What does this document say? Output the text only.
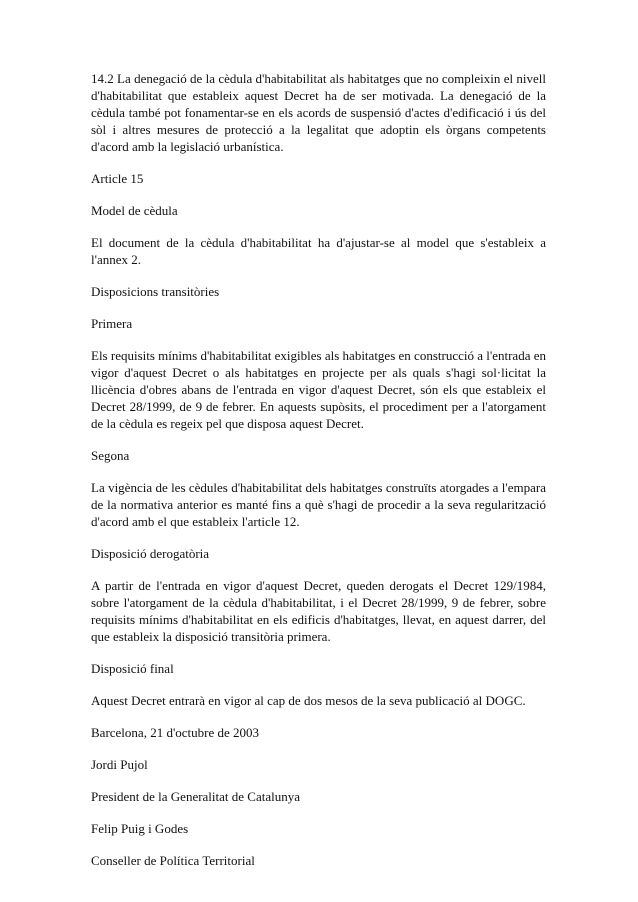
14.2 La denegació de la cèdula d'habitabilitat als habitatges que no compleixin el nivell d'habitabilitat que estableix aquest Decret ha de ser motivada. La denegació de la cèdula també pot fonamentar-se en els acords de suspensió d'actes d'edificació i ús del sòl i altres mesures de protecció a la legalitat que adoptin els òrgans competents d'acord amb la legislació urbanística.

Article 15

Model de cèdula

El document de la cèdula d'habitabilitat ha d'ajustar-se al model que s'estableix a l'annex 2.

Disposicions transitòries

Primera

Els requisits mínims d'habitabilitat exigibles als habitatges en construcció a l'entrada en vigor d'aquest Decret o als habitatges en projecte per als quals s'hagi sol·licitat la llicència d'obres abans de l'entrada en vigor d'aquest Decret, són els que estableix el Decret 28/1999, de 9 de febrer. En aquests supòsits, el procediment per a l'atorgament de la cèdula es regeix pel que disposa aquest Decret.

Segona

La vigència de les cèdules d'habitabilitat dels habitatges construïts atorgades a l'empara de la normativa anterior es manté fins a què s'hagi de procedir a la seva regularització d'acord amb el que estableix l'article 12.

Disposició derogatòria

A partir de l'entrada en vigor d'aquest Decret, queden derogats el Decret 129/1984, sobre l'atorgament de la cèdula d'habitabilitat, i el Decret 28/1999, 9 de febrer, sobre requisits mínims d'habitabilitat en els edificis d'habitatges, llevat, en aquest darrer, del que estableix la disposició transitòria primera.

Disposició final

Aquest Decret entrarà en vigor al cap de dos mesos de la seva publicació al DOGC.

Barcelona, 21 d'octubre de 2003

Jordi Pujol

President de la Generalitat de Catalunya

Felip Puig i Godes

Conseller de Política Territorial
